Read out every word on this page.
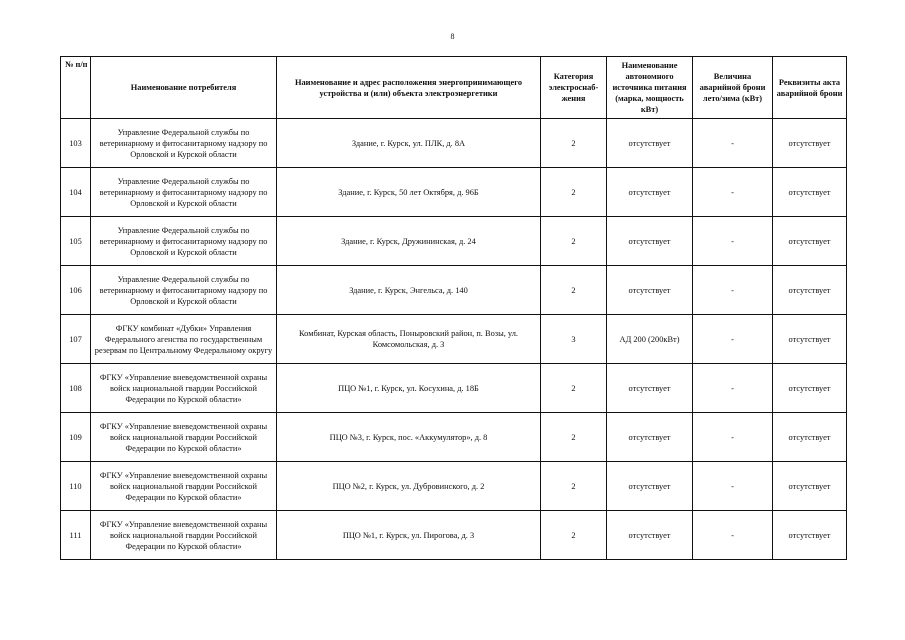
8
№ п/п	Наименование потребителя	Наименование и адрес расположения энергопринимающего устройства и (или) объекта электроэнергетики	Категория электроснаб-жения	Наименование автономного источника питания (марка, мощность кВт)	Величина аварийной брони лето/зима (кВт)	Реквизиты акта аварийной брони
103	Управление Федеральной службы по ветеринарному и фитосанитарному надзору по Орловской и Курской области	Здание, г. Курск, ул. ПЛК, д. 8А	2	отсутствует	-	отсутствует
104	Управление Федеральной службы по ветеринарному и фитосанитарному надзору по Орловской и Курской области	Здание, г. Курск, 50 лет Октября, д. 96Б	2	отсутствует	-	отсутствует
105	Управление Федеральной службы по ветеринарному и фитосанитарному надзору по Орловской и Курской области	Здание, г. Курск, Дружининская, д. 24	2	отсутствует	-	отсутствует
106	Управление Федеральной службы по ветеринарному и фитосанитарному надзору по Орловской и Курской области	Здание, г. Курск, Энгельса, д. 140	2	отсутствует	-	отсутствует
107	ФГКУ комбинат «Дубки» Управления Федерального агенства по государственным резервам по Центральному Федеральному округу	Комбинат, Курская область, Поныровский район, п. Возы, ул. Комсомольская, д. 3	3	АД 200 (200кВт)	-	отсутствует
108	ФГКУ «Управление вневедомственной охраны войск национальной гвардии Российской Федерации по Курской области»	ПЦО №1, г. Курск, ул. Косухина, д. 18Б	2	отсутствует	-	отсутствует
109	ФГКУ «Управление вневедомственной охраны войск национальной гвардии Российской Федерации по Курской области»	ПЦО №3, г. Курск, пос. «Аккумулятор», д. 8	2	отсутствует	-	отсутствует
110	ФГКУ «Управление вневедомственной охраны войск национальной гвардии Российской Федерации по Курской области»	ПЦО №2, г. Курск, ул. Дубровинского, д. 2	2	отсутствует	-	отсутствует
111	ФГКУ «Управление вневедомственной охраны войск национальной гвардии Российской Федерации по Курской области»	ПЦО №1, г. Курск, ул. Пирогова, д. 3	2	отсутствует	-	отсутствует
